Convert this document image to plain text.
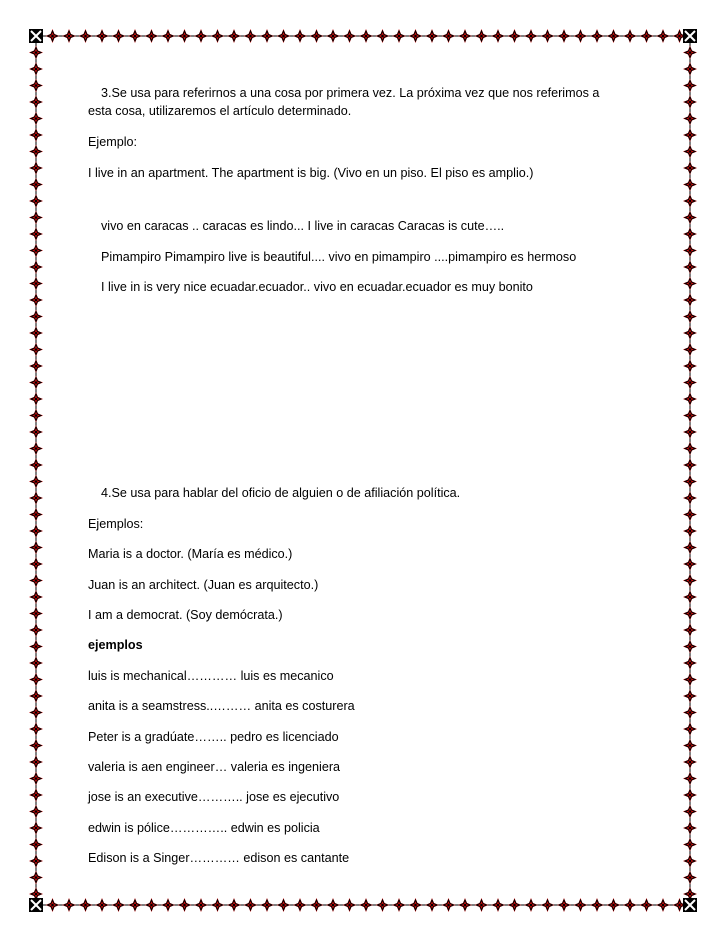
3.Se usa para referirnos a una cosa por primera vez. La próxima vez que nos referimos a

esta cosa, utilizaremos el artículo determinado.

Ejemplo:

I live in an apartment. The apartment is big. (Vivo en un piso. El piso es amplio.)

vivo en caracas .. caracas es lindo... I live in caracas Caracas is cute…..

Pimampiro Pimampiro live is beautiful.... vivo en pimampiro ....pimampiro es hermoso

I live in is very nice ecuadar.ecuador.. vivo en ecuadar.ecuador es muy bonito

4.Se usa para hablar del oficio de alguien o de afiliación política.

Ejemplos:

Maria is a doctor. (María es médico.)

Juan is an architect. (Juan es arquitecto.)

I am a democrat. (Soy demócrata.)

ejemplos

luis is mechanical………… luis es mecanico

anita is a seamstress..……… anita es costurera

Peter is a gradúate…….. pedro es licenciado

valeria is aen engineer… valeria es ingeniera

jose is an executive……….. jose es ejecutivo

edwin is pólice………….. edwin es policia

Edison is a Singer………… edison es cantante
